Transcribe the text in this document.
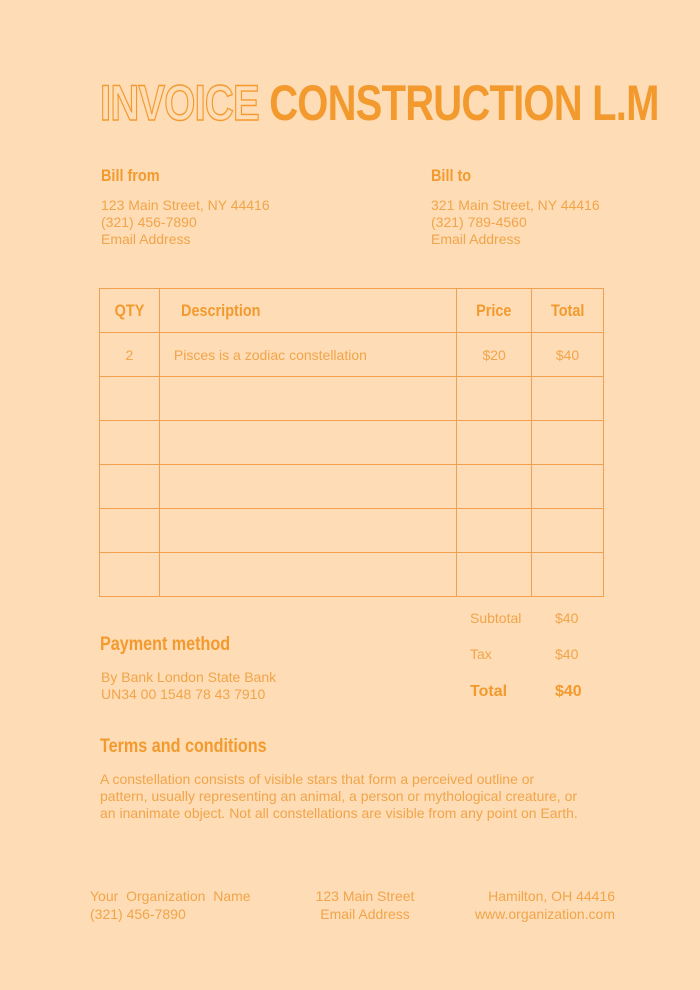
INVOICE CONSTRUCTION L.M
Bill from
123 Main Street, NY 44416
(321) 456-7890
Email Address
Bill to
321 Main Street, NY 44416
(321) 789-4560
Email Address
QTY	Description	Price	Total
2	Pisces is a zodiac constellation	$20	$40

Subtotal $40
Tax	$40
Total	$40
Payment method
By Bank London State Bank
UN34 00 1548 78 43 7910
Terms and conditions
A constellation consists of visible stars that form a perceived outline or pattern, usually representing an animal, a person or mythological creature, or an inanimate object. Not all constellations are visible from any point on Earth.
Your  Organization  Name
(321) 456-7890
123 Main Street
Email Address
Hamilton, OH 44416
www.organization.com
